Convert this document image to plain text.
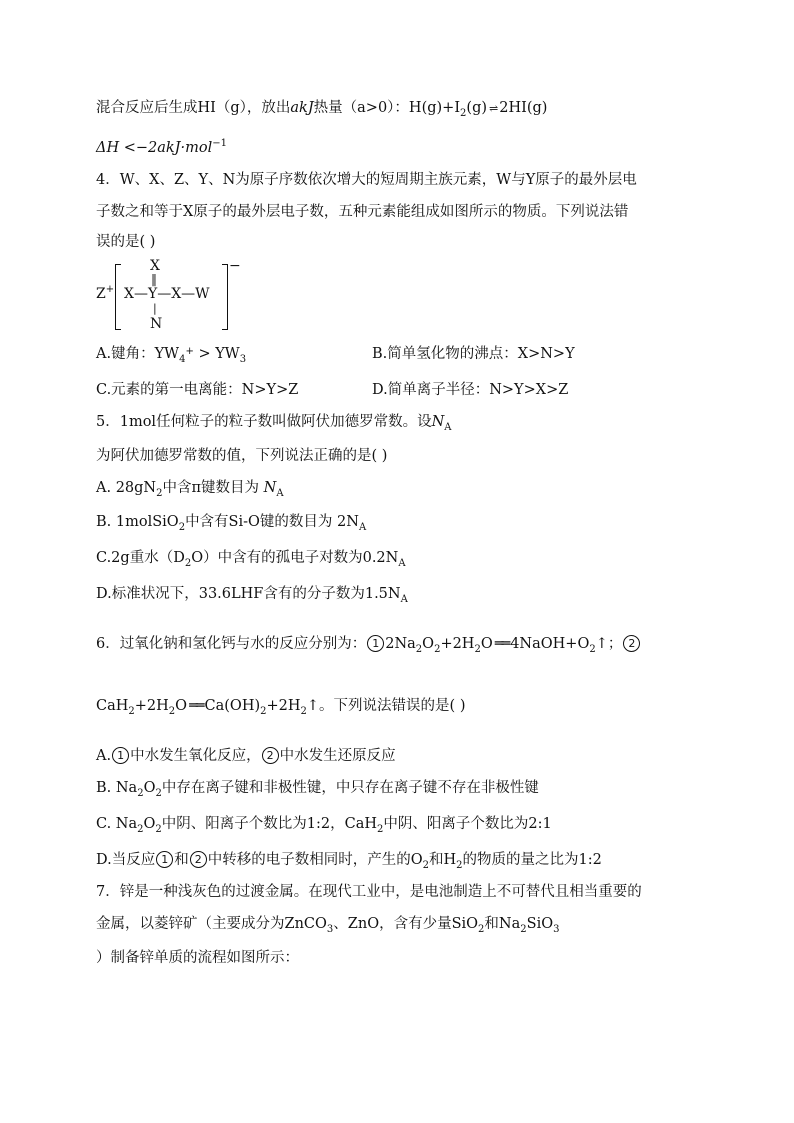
混合反应后生成HI（g），放出akJ热量（a>0）：$H(g)+I_2(g)$ ⇌ 2HI(g)
ΔH <−2akJ·mol$^{-1}$
4．W、X、Z、Y、N为原子序数依次增大的短周期主族元素，W与Y原子的最外层电
子数之和等于X原子的最外层电子数，五种元素能组成如图所示的物质。下列说法错
误的是( )
Z+
X
‖
X—Y—X—W
|
N
−
A.键角：$YW_{4^+} > YW_3$	B.简单氢化物的沸点：X>N>Y
C.元素的第一电离能：N>Y>Z	D.简单离子半径：N>Y>X>Z
5．1mol任何粒子的粒子数叫做阿伏加德罗常数。设$N_A$
为阿伏加德罗常数的值，下列说法正确的是( )
A. $28gN_2$中含π键数目为 $N_A$
B. 1molSiO$_2$中含有Si-O键的数目为 $2N_A$
C.2g重水$(D_2O)$中含有的孤电子对数为$0.2N_A$
D.标准状况下，33.6LHF含有的分子数为$1.5N_A$
6．过氧化钠和氢化钙与水的反应分别为： 1 $2Na_2O_2+2H_2O$ ══ $4NaOH+O_2↑$； 2
$CaH_2+2H_2O$ ══ $Ca(OH)_2+2H_2↑$。下列说法错误的是( )
A. 1 中水发生氧化反应， 2 中水发生还原反应
B. $Na_2O_2$中存在离子键和非极性键，中只存在离子键不存在非极性键
C. $Na_2O_2$中阴、阳离子个数比为1:2，CaH$_2$中阴、阳离子个数比为2:1
D.当反应 1 和 2 中转移的电子数相同时，产生的$O_2$和$H_2$的物质的量之比为1:2
7．锌是一种浅灰色的过渡金属。在现代工业中，是电池制造上不可替代且相当重要的
金属，以菱锌矿（主要成分为ZnCO$_3$、ZnO，含有少量SiO$_2$和$Na_2SiO_3$
）制备锌单质的流程如图所示：
